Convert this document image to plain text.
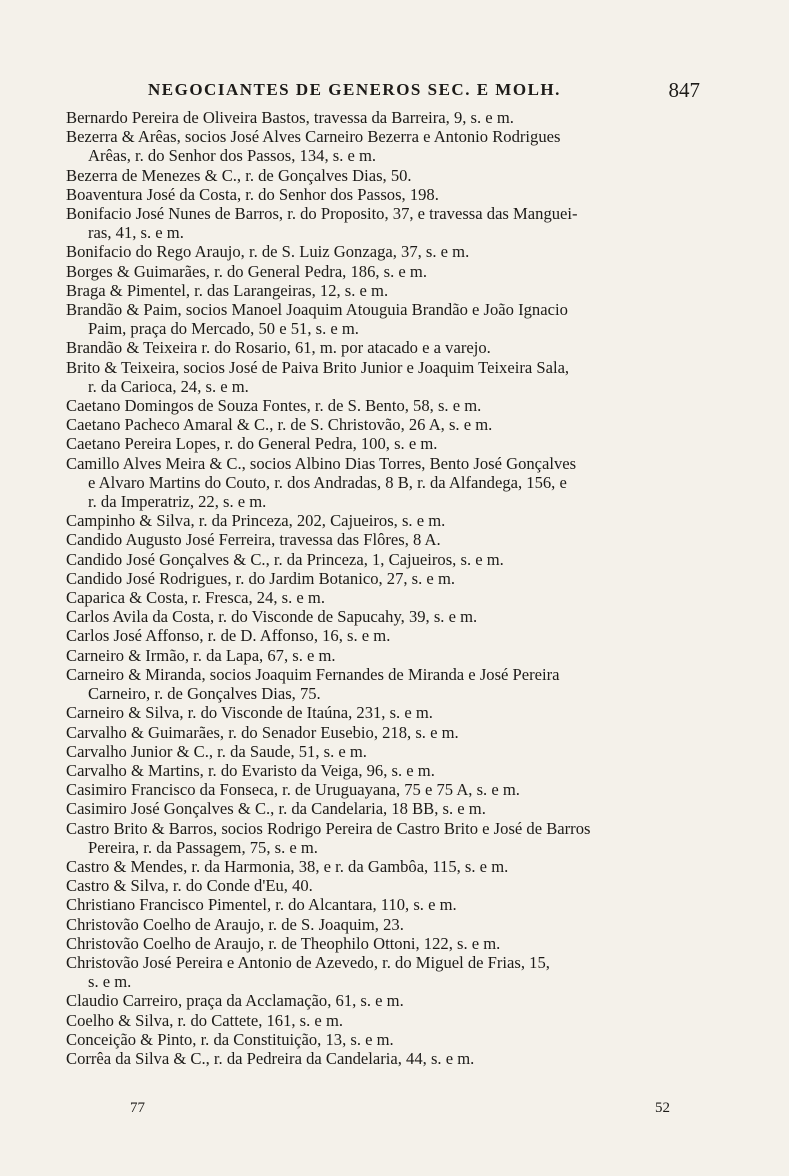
NEGOCIANTES DE GENEROS SEC. E MOLH.	847
Bernardo Pereira de Oliveira Bastos, travessa da Barreira, 9, s. e m.
Bezerra & Arêas, socios José Alves Carneiro Bezerra e Antonio Rodrigues
Arêas, r. do Senhor dos Passos, 134, s. e m.
Bezerra de Menezes & C., r. de Gonçalves Dias, 50.
Boaventura José da Costa, r. do Senhor dos Passos, 198.
Bonifacio José Nunes de Barros, r. do Proposito, 37, e travessa das Manguei-
ras, 41, s. e m.
Bonifacio do Rego Araujo, r. de S. Luiz Gonzaga, 37, s. e m.
Borges & Guimarães, r. do General Pedra, 186, s. e m.
Braga & Pimentel, r. das Larangeiras, 12, s. e m.
Brandão & Paim, socios Manoel Joaquim Atouguia Brandão e João Ignacio
Paim, praça do Mercado, 50 e 51, s. e m.
Brandão & Teixeira r. do Rosario, 61, m. por atacado e a varejo.
Brito & Teixeira, socios José de Paiva Brito Junior e Joaquim Teixeira Sala,
r. da Carioca, 24, s. e m.
Caetano Domingos de Souza Fontes, r. de S. Bento, 58, s. e m.
Caetano Pacheco Amaral & C., r. de S. Christovão, 26 A, s. e m.
Caetano Pereira Lopes, r. do General Pedra, 100, s. e m.
Camillo Alves Meira & C., socios Albino Dias Torres, Bento José Gonçalves
e Alvaro Martins do Couto, r. dos Andradas, 8 B, r. da Alfandega, 156, e
r. da Imperatriz, 22, s. e m.
Campinho & Silva, r. da Princeza, 202, Cajueiros, s. e m.
Candido Augusto José Ferreira, travessa das Flôres, 8 A.
Candido José Gonçalves & C., r. da Princeza, 1, Cajueiros, s. e m.
Candido José Rodrigues, r. do Jardim Botanico, 27, s. e m.
Caparica & Costa, r. Fresca, 24, s. e m.
Carlos Avila da Costa, r. do Visconde de Sapucahy, 39, s. e m.
Carlos José Affonso, r. de D. Affonso, 16, s. e m.
Carneiro & Irmão, r. da Lapa, 67, s. e m.
Carneiro & Miranda, socios Joaquim Fernandes de Miranda e José Pereira
Carneiro, r. de Gonçalves Dias, 75.
Carneiro & Silva, r. do Visconde de Itaúna, 231, s. e m.
Carvalho & Guimarães, r. do Senador Eusebio, 218, s. e m.
Carvalho Junior & C., r. da Saude, 51, s. e m.
Carvalho & Martins, r. do Evaristo da Veiga, 96, s. e m.
Casimiro Francisco da Fonseca, r. de Uruguayana, 75 e 75 A, s. e m.
Casimiro José Gonçalves & C., r. da Candelaria, 18 BB, s. e m.
Castro Brito & Barros, socios Rodrigo Pereira de Castro Brito e José de Barros
Pereira, r. da Passagem, 75, s. e m.
Castro & Mendes, r. da Harmonia, 38, e r. da Gambôa, 115, s. e m.
Castro & Silva, r. do Conde d'Eu, 40.
Christiano Francisco Pimentel, r. do Alcantara, 110, s. e m.
Christovão Coelho de Araujo, r. de S. Joaquim, 23.
Christovão Coelho de Araujo, r. de Theophilo Ottoni, 122, s. e m.
Christovão José Pereira e Antonio de Azevedo, r. do Miguel de Frias, 15,
s. e m.
Claudio Carreiro, praça da Acclamação, 61, s. e m.
Coelho & Silva, r. do Cattete, 161, s. e m.
Conceição & Pinto, r. da Constituição, 13, s. e m.
Corrêa da Silva & C., r. da Pedreira da Candelaria, 44, s. e m.
77	52
